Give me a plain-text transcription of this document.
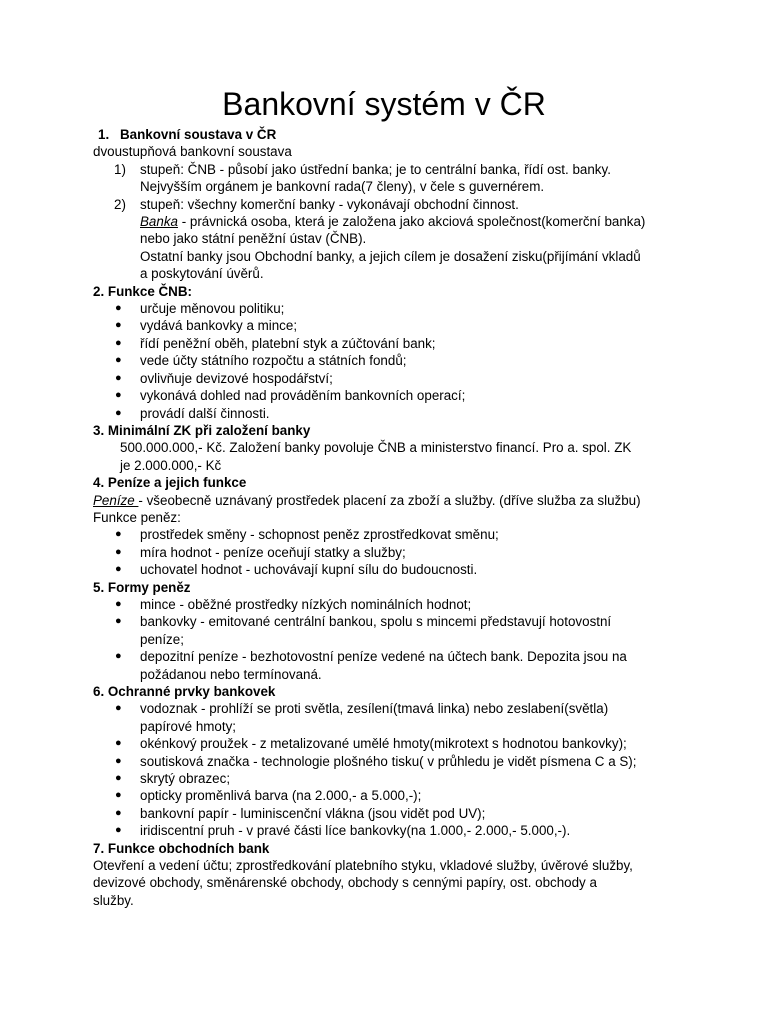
Bankovní systém v ČR

1. Bankovní soustava v ČR

dvoustupňová bankovní soustava

1) stupeň: ČNB - působí jako ústřední banka; je to centrální banka, řídí ost. banky.
Nejvyšším orgánem je bankovní rada(7 členy), v čele s guvernérem.
2) stupeň: všechny komerční banky - vykonávají obchodní činnost.
Banka - právnická osoba, která je založena jako akciová společnost(komerční banka)
nebo jako státní peněžní ústav (ČNB).
Ostatní banky jsou Obchodní banky, a jejich cílem je dosažení zisku(přijímání vkladů
a poskytování úvěrů.

2. Funkce ČNB:

● určuje měnovou politiku;
● vydává bankovky a mince;
● řídí peněžní oběh, platební styk a zúčtování bank;
● vede účty státního rozpočtu a státních fondů;
● ovlivňuje devizové hospodářství;
● vykonává dohled nad prováděním bankovních operací;
● provádí další činnosti.

3. Minimální ZK při založení banky

500.000.000,- Kč. Založení banky povoluje ČNB a ministerstvo financí. Pro a. spol. ZK

je 2.000.000,- Kč

4. Peníze a jejich funkce

Peníze - všeobecně uznávaný prostředek placení za zboží a služby. (dříve služba za službu)

Funkce peněz:

● prostředek směny - schopnost peněz zprostředkovat směnu;
● míra hodnot - peníze oceňují statky a služby;
● uchovatel hodnot - uchovávají kupní sílu do budoucnosti.

5. Formy peněz

● mince - oběžné prostředky nízkých nominálních hodnot;
● bankovky - emitované centrální bankou, spolu s mincemi představují hotovostní
peníze;
● depozitní peníze - bezhotovostní peníze vedené na účtech bank. Depozita jsou na
požádanou nebo termínovaná.

6. Ochranné prvky bankovek

● vodoznak - prohlíží se proti světla, zesílení(tmavá linka) nebo zeslabení(světla)
papírové hmoty;
● okénkový proužek - z metalizované umělé hmoty(mikrotext s hodnotou bankovky);
● soutisková značka - technologie plošného tisku( v průhledu je vidět písmena C a S);
● skrytý obrazec;
● opticky proměnlivá barva (na 2.000,- a 5.000,-);
● bankovní papír - luminiscenční vlákna (jsou vidět pod UV);
● iridiscentní pruh - v pravé části líce bankovky(na 1.000,- 2.000,- 5.000,-).

7. Funkce obchodních bank

Otevření a vedení účtu; zprostředkování platebního styku, vkladové služby, úvěrové služby,

devizové obchody, směnárenské obchody, obchody s cennými papíry, ost. obchody a

služby.
